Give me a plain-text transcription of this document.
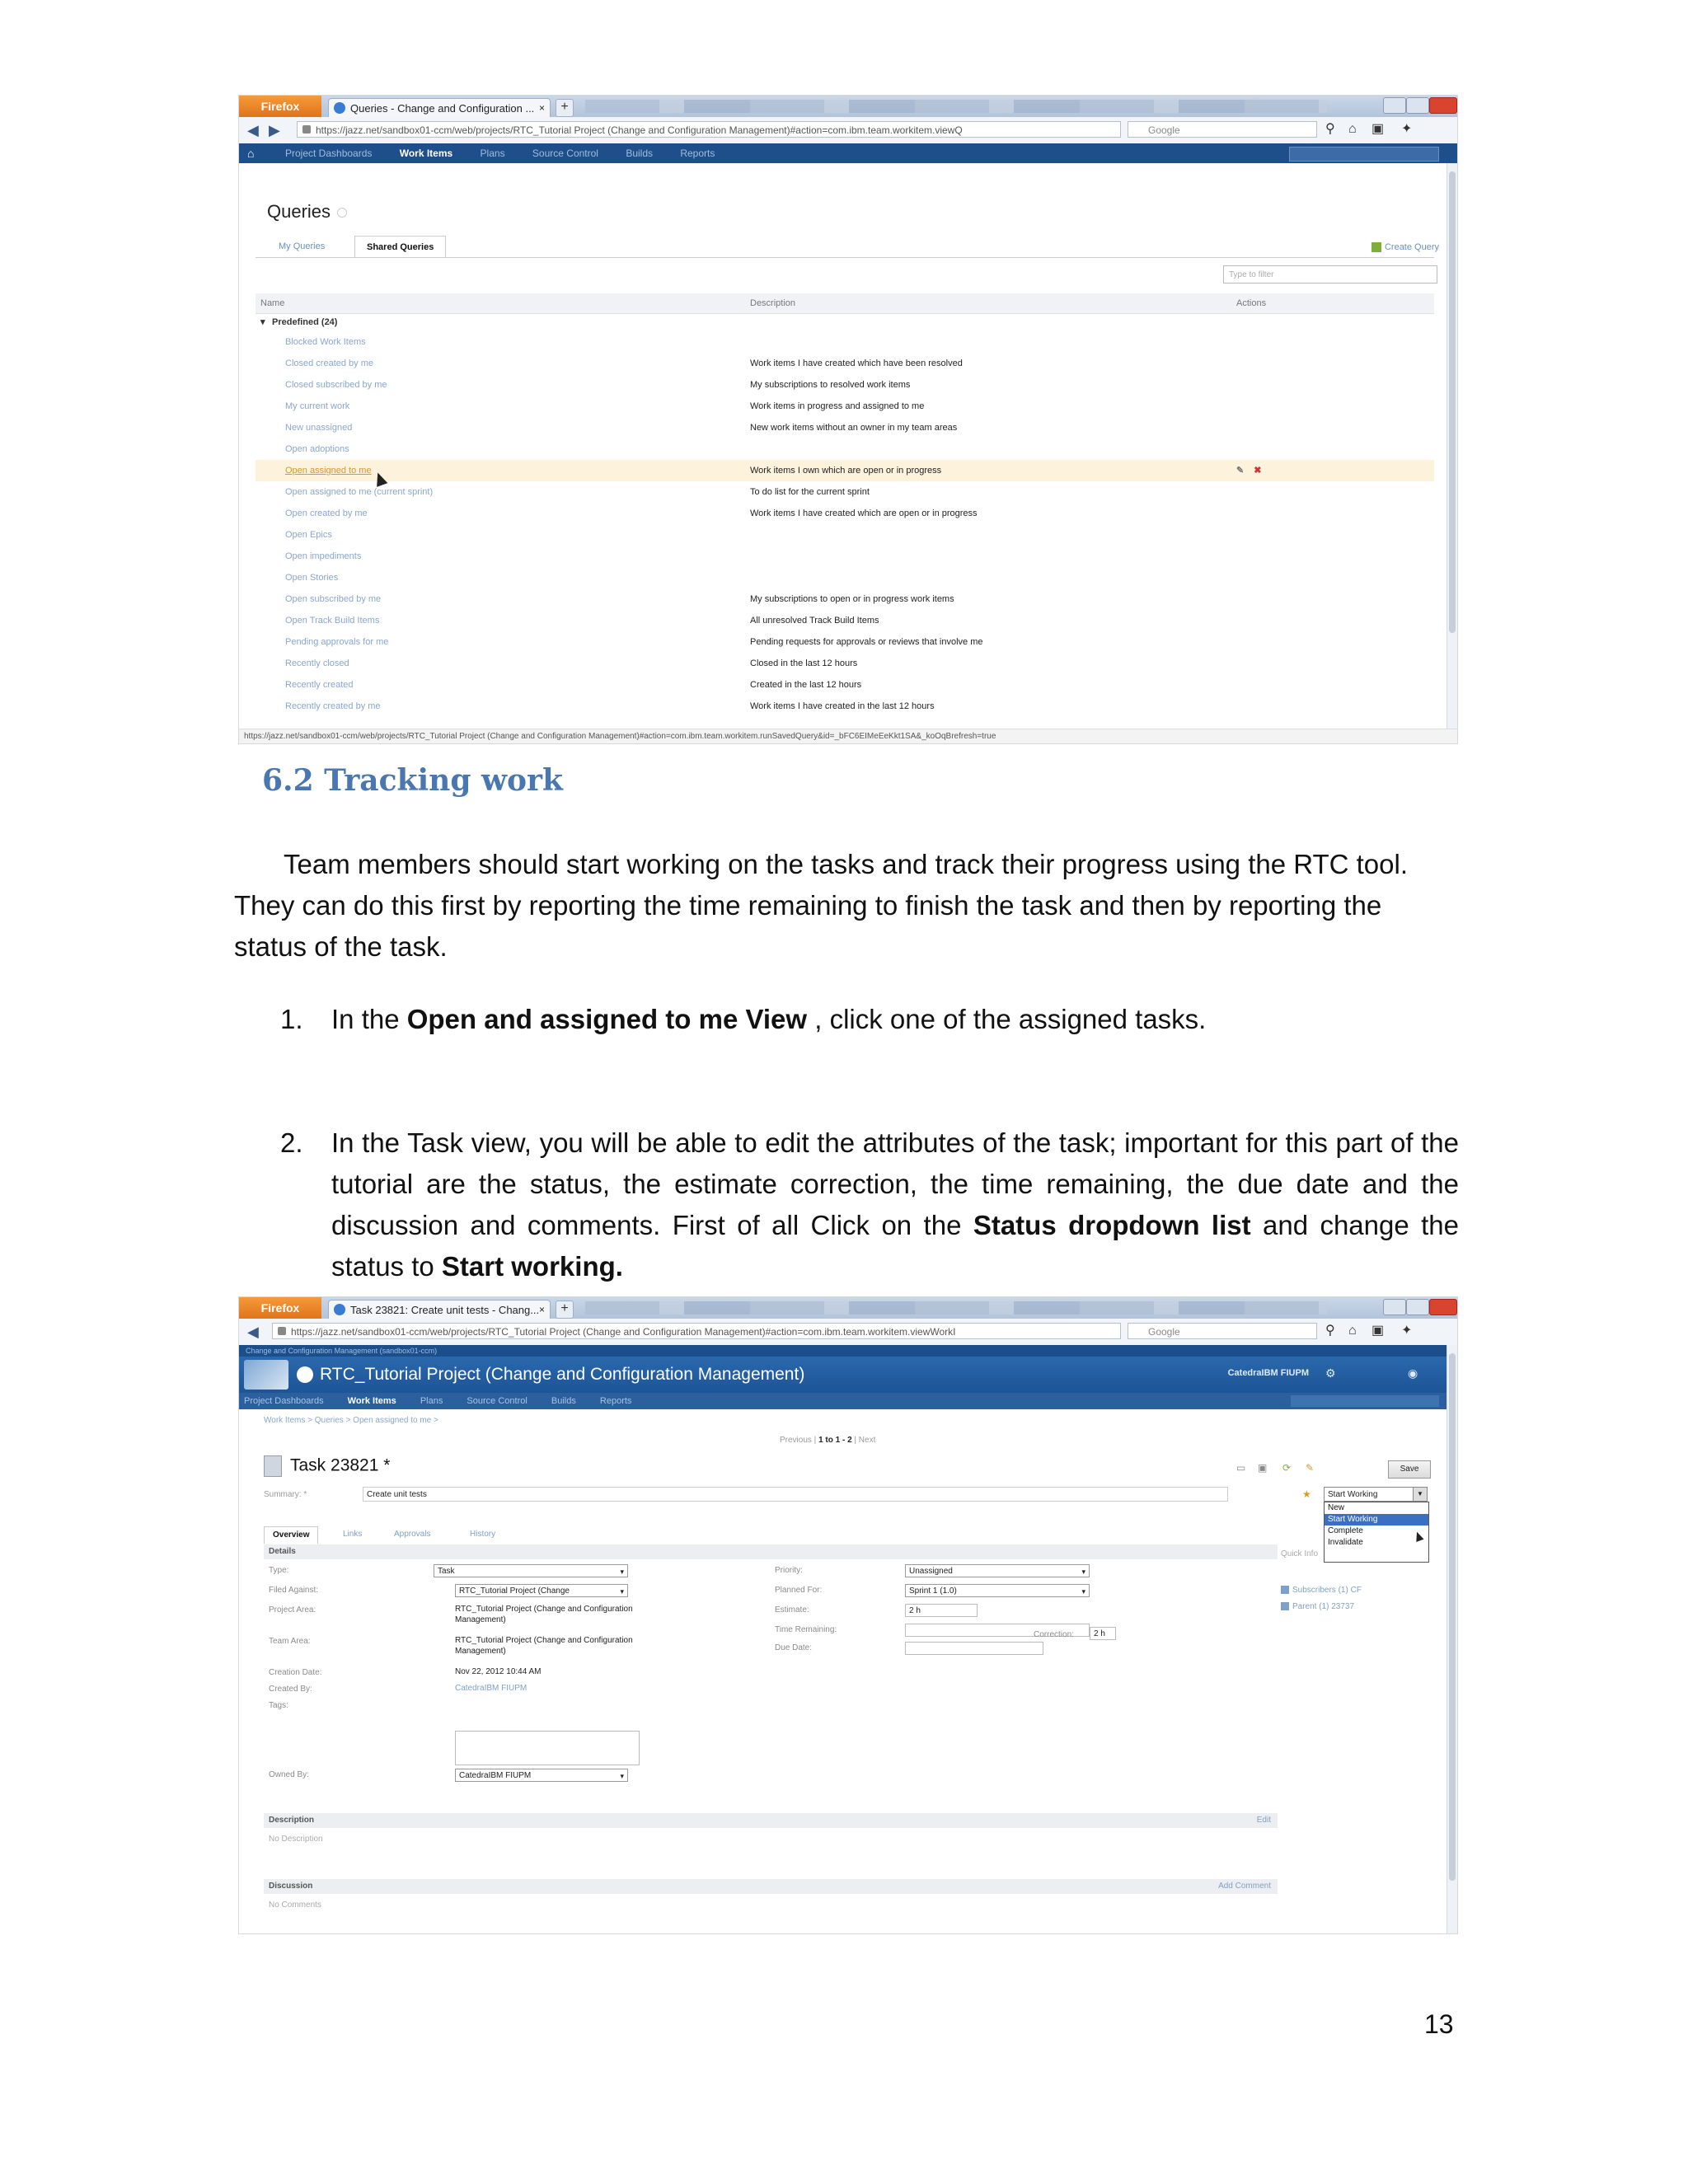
Firefox	Queries - Change and Configuration ... ×	+
◀ ▶	https://jazz.net/sandbox01-ccm/web/projects/RTC_Tutorial Project (Change and Configuration Management)#action=com.ibm.team.workitem.viewQ	Google	⚲ ⌂	▣ ✦
⌂	Project Dashboards	Work Items	Plans	Source Control	Builds	Reports
Queries
My Queries	Shared Queries	Create Query
Type to filter
Name	Description	Actions
▾ Predefined (24)
Blocked Work Items
Closed created by me	Work items I have created which have been resolved
Closed subscribed by me	My subscriptions to resolved work items
My current work	Work items in progress and assigned to me
New unassigned	New work items without an owner in my team areas
Open adoptions
Open assigned to me	Work items I own which are open or in progress	✎ ✖
Open assigned to me (current sprint)	To do list for the current sprint
Open created by me	Work items I have created which are open or in progress
Open Epics
Open impediments
Open Stories
Open subscribed by me	My subscriptions to open or in progress work items
Open Track Build Items	All unresolved Track Build Items
Pending approvals for me	Pending requests for approvals or reviews that involve me
Recently closed	Closed in the last 12 hours
Recently created	Created in the last 12 hours
Recently created by me	Work items I have created in the last 12 hours
https://jazz.net/sandbox01-ccm/web/projects/RTC_Tutorial Project (Change and Configuration Management)#action=com.ibm.team.workitem.runSavedQuery&id=_bFC6EIMeEeKkt1SA&_koOqBrefresh=true
6.2 Tracking work
Team members should start working on the tasks and track their progress using the RTC tool. They can do this first by reporting the time remaining to finish the task and then by reporting the status of the task.
1. In the Open and assigned to me View , click one of the assigned tasks.
2. In the Task view, you will be able to edit the attributes of the task; important for this part of the tutorial are the status, the estimate correction, the time remaining, the due date and the discussion and comments. First of all Click on the Status dropdown list and change the status to Start working.
Firefox	Task 23821: Create unit tests - Chang... ×	+
◀	https://jazz.net/sandbox01-ccm/web/projects/RTC_Tutorial Project (Change and Configuration Management)#action=com.ibm.team.workitem.viewWorkI	Google	⚲ ⌂	▣ ✦
Change and Configuration Management (sandbox01-ccm)
RTC_Tutorial Project (Change and Configuration Management)	CatedraIBM FIUPM ⚙	◉
Project Dashboards	Work Items	Plans	Source Control	Builds	Reports
Work Items > Queries > Open assigned to me >
Previous | 1 to 1 - 2 | Next
Task 23821 *	▭ ▣ ⟳ ✎	Save
Summary: *	Create unit tests	★	Start Working	▼
New
Start Working
Complete
Invalidate
Overview	Links	Approvals	History
Details
Type:	Task ▾
Filed Against:	RTC_Tutorial Project (Change ▾
Project Area:	RTC_Tutorial Project (Change and Configuration Management)
Team Area:	RTC_Tutorial Project (Change and Configuration Management)
Creation Date:	Nov 22, 2012 10:44 AM
Created By:	CatedraIBM FIUPM
Tags:
Owned By:	CatedraIBM FIUPM ▾
Priority:	Unassigned ▾
Planned For:	Sprint 1 (1.0) ▾
Estimate:	2 h
Time Remaining:
Due Date:
Correction:	2 h
Subscribers (1) CF
Parent (1) 23737
Quick Info
Description	Edit
No Description
Discussion	Add Comment
No Comments
13
